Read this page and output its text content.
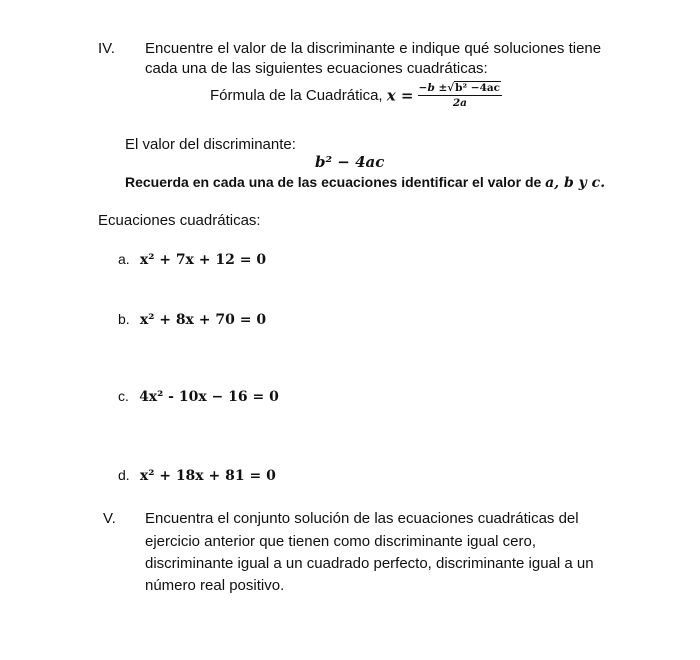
IV. Encuentre el valor de la discriminante e indique qué soluciones tiene
cada una de las siguientes ecuaciones cuadráticas:
Fórmula de la Cuadrática, $x = \frac{\text{−b ±√b² −4ac}}{2a}$
El valor del discriminante:
b² − 4ac
Recuerda en cada una de las ecuaciones identificar el valor de a, b y c.
Ecuaciones cuadráticas:
a. x² + 7x + 12 = 0
b. x² + 8x + 70 = 0
c. 4x² - 10x − 16 = 0
d. x² + 18x + 81 = 0
V. Encuentra el conjunto solución de las ecuaciones cuadráticas del
ejercicio anterior que tienen como discriminante igual cero,
discriminante igual a un cuadrado perfecto, discriminante igual a un
número real positivo.
